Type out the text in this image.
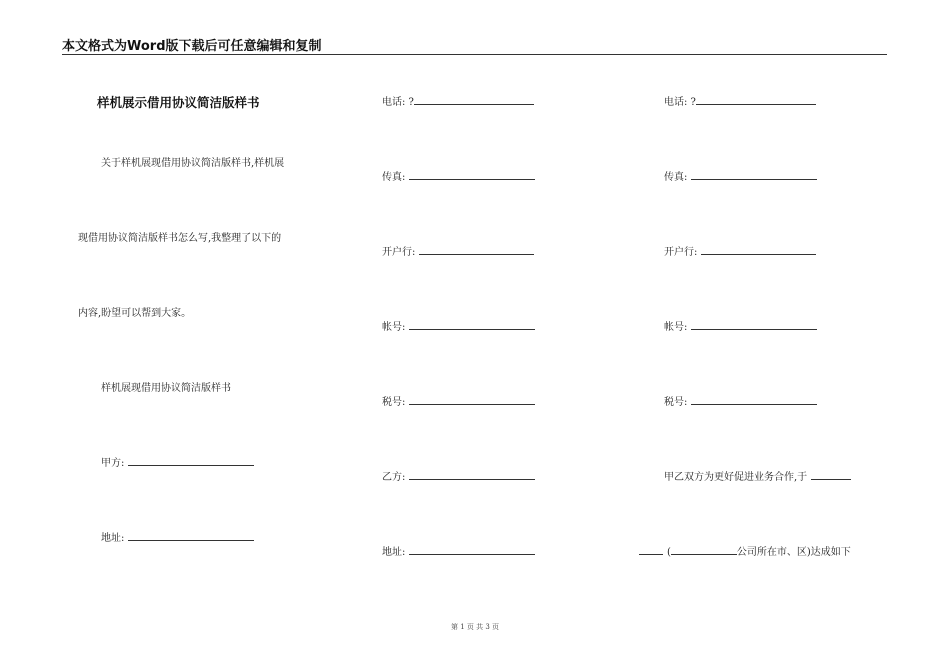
本文格式为Word版下载后可任意编辑和复制
样机展示借用协议简洁版样书
关于样机展现借用协议简洁版样书,样机展
现借用协议简洁版样书怎么写,我整理了以下的
内容,盼望可以帮到大家。
样机展现借用协议简洁版样书
甲方:
地址:
电话: ?
传真:
开户行:
帐号:
税号:
乙方:
地址:
电话: ?
传真:
开户行:
帐号:
税号:
甲乙双方为更好促进业务合作,于
(	公司所在市、区)达成如下
第 1 页 共 3 页
